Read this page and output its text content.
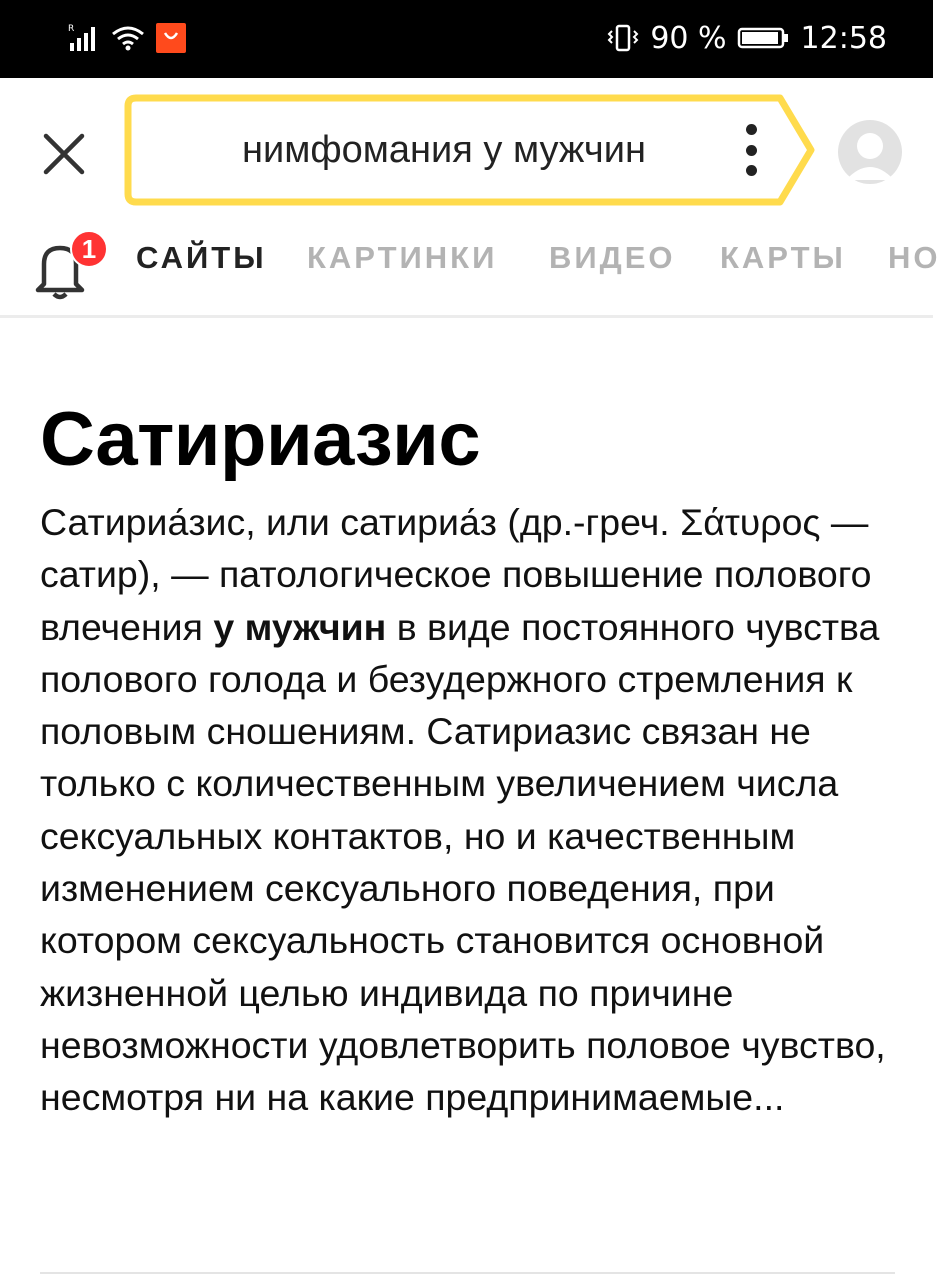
R	90 % 12:58
нимфомания у мужчин
1	САЙТЫ КАРТИНКИ ВИДЕО КАРТЫ НО
Сатириазис
Сатириа́зис, или сатириа́з (др.-греч. Σάτυρος — сатир), — патологическое повышение полового влечения у мужчин в виде постоянного чувства полового голода и безудержного стремления к половым сношениям. Сатириазис связан не только с количественным увеличением числа сексуальных контактов, но и качественным изменением сексуального поведения, при котором сексуальность становится основной жизненной целью индивида по причине невозможности удовлетворить половое чувство, несмотря ни на какие предпринимаемые...
